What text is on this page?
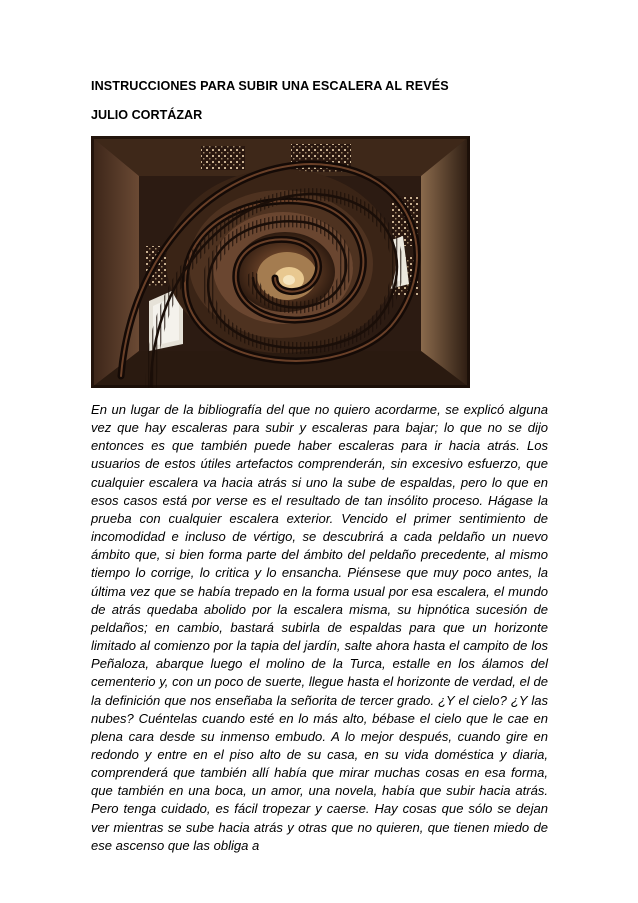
INSTRUCCIONES PARA SUBIR UNA ESCALERA AL REVÉS
JULIO CORTÁZAR

En un lugar de la bibliografía del que no quiero acordarme, se explicó alguna vez que hay escaleras para subir y escaleras para bajar; lo que no se dijo entonces es que también puede haber escaleras para ir hacia atrás. Los usuarios de estos útiles artefactos comprenderán, sin excesivo esfuerzo, que cualquier escalera va hacia atrás si uno la sube de espaldas, pero lo que en esos casos está por verse es el resultado de tan insólito proceso. Hágase la prueba con cualquier escalera exterior. Vencido el primer sentimiento de incomodidad e incluso de vértigo, se descubrirá a cada peldaño un nuevo ámbito que, si bien forma parte del ámbito del peldaño precedente, al mismo tiempo lo corrige, lo critica y lo ensancha. Piénsese que muy poco antes, la última vez que se había trepado en la forma usual por esa escalera, el mundo de atrás quedaba abolido por la escalera misma, su hipnótica sucesión de peldaños; en cambio, bastará subirla de espaldas para que un horizonte limitado al comienzo por la tapia del jardín, salte ahora hasta el campito de los Peñaloza, abarque luego el molino de la Turca, estalle en los álamos del cementerio y, con un poco de suerte, llegue hasta el horizonte de verdad, el de la definición que nos enseñaba la señorita de tercer grado. ¿Y el cielo? ¿Y las nubes? Cuéntelas cuando esté en lo más alto, bébase el cielo que le cae en plena cara desde su inmenso embudo. A lo mejor después, cuando gire en redondo y entre en el piso alto de su casa, en su vida doméstica y diaria, comprenderá que también allí había que mirar muchas cosas en esa forma, que también en una boca, un amor, una novela, había que subir hacia atrás. Pero tenga cuidado, es fácil tropezar y caerse. Hay cosas que sólo se dejan ver mientras se sube hacia atrás y otras que no quieren, que tienen miedo de ese ascenso que las obliga a
